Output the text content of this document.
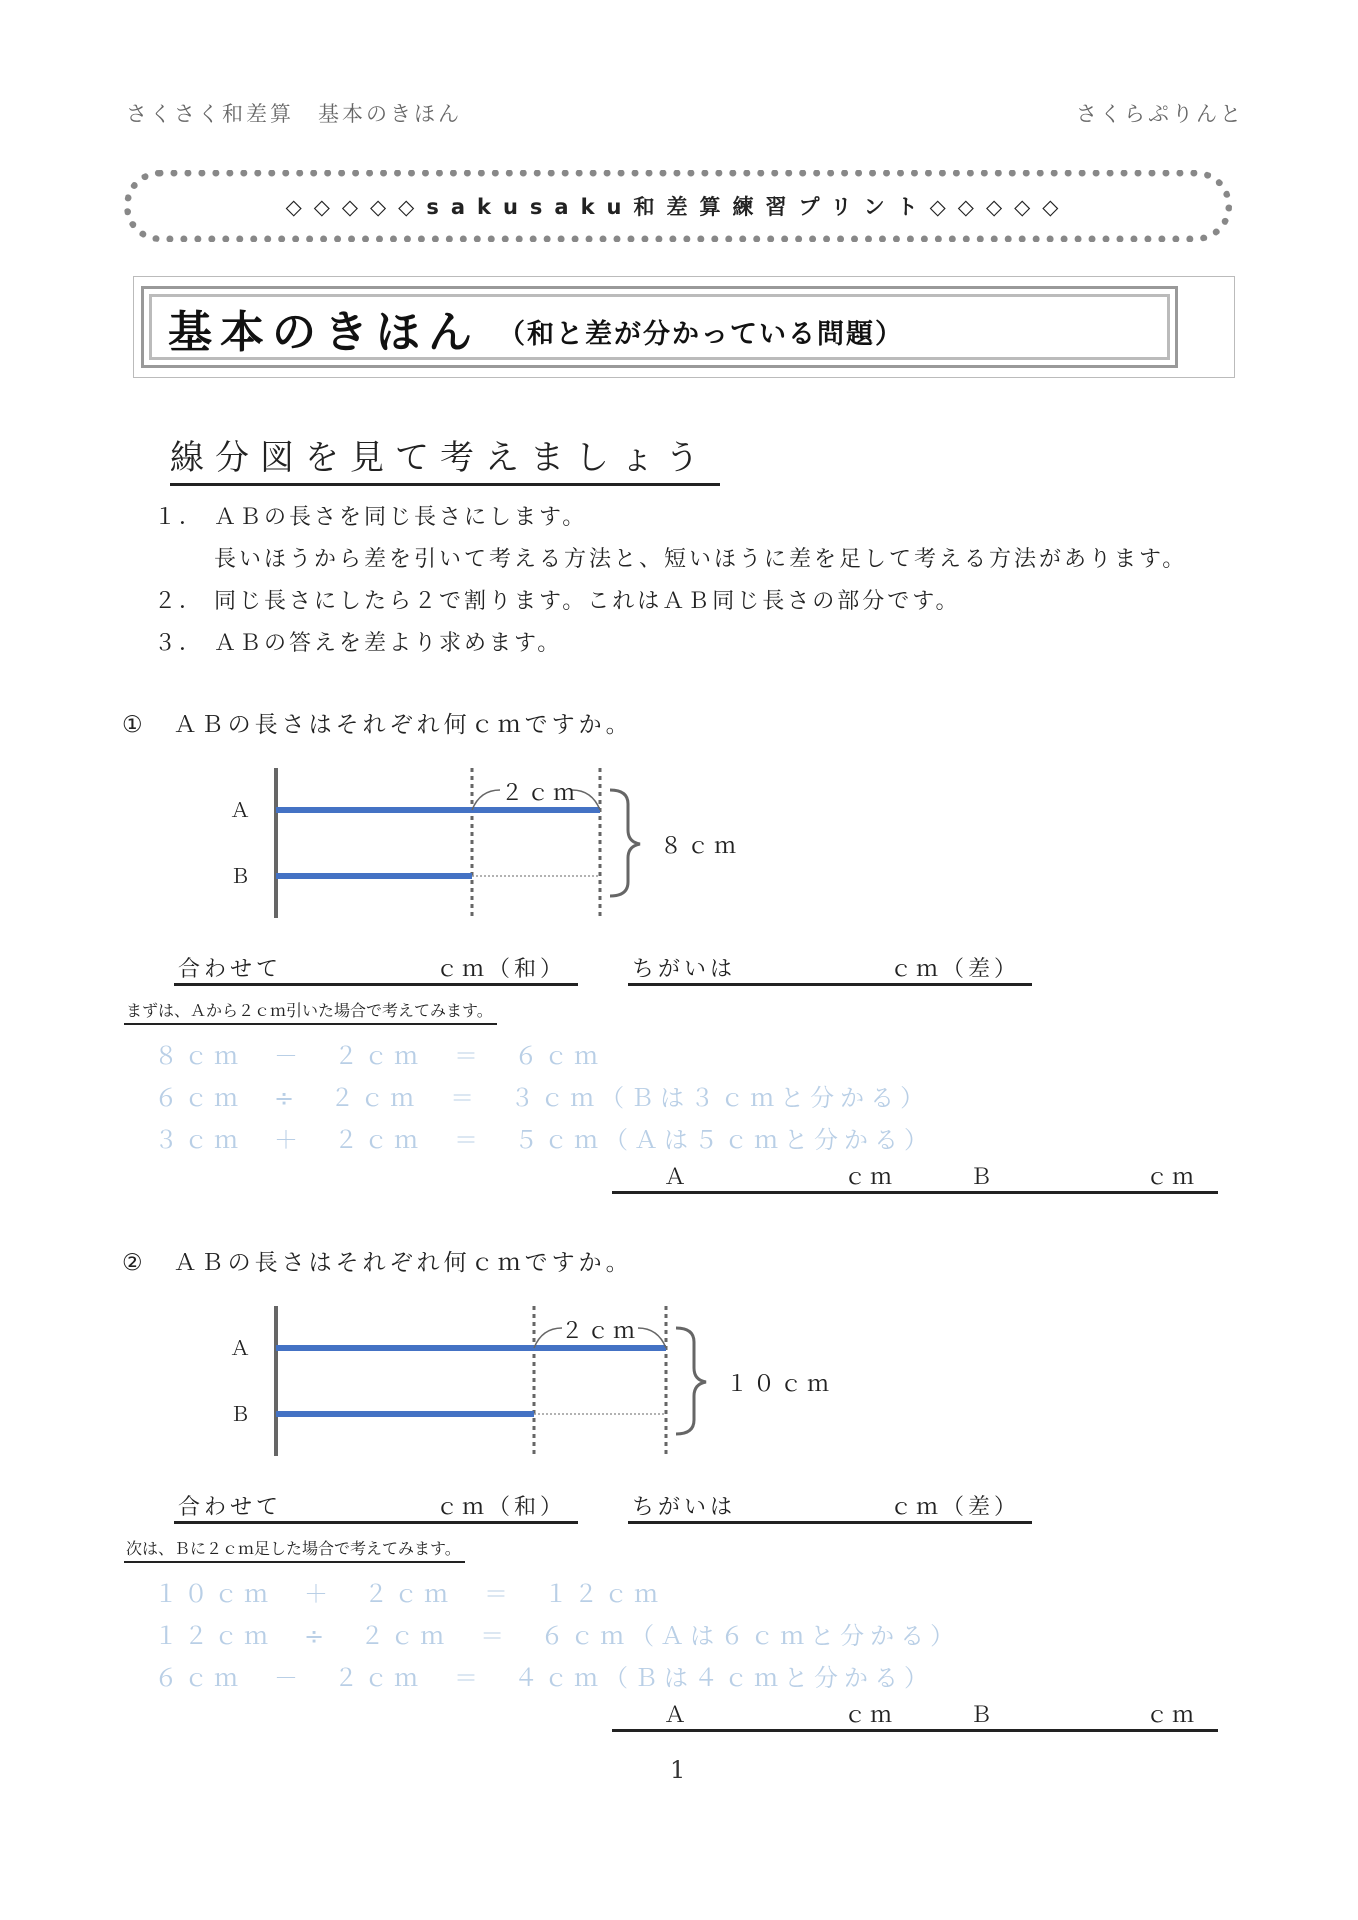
さくさく和差算　基本のきほん	さくらぷりんと
◇◇◇◇◇sakusaku和差算練習プリント◇◇◇◇◇
基本のきほん （和と差が分かっている問題）
線分図を見て考えましょう
１． ＡＢの長さを同じ長さにします。
長いほうから差を引いて考える方法と、短いほうに差を足して考える方法があります。
２． 同じ長さにしたら２で割ります。これはＡＢ同じ長さの部分です。
３． ＡＢの答えを差より求めます。
①　ＡＢの長さはそれぞれ何ｃｍですか。
２ｃｍ
８ｃｍ
Ａ
Ｂ
合わせて	ｃｍ（和）	ちがいは	ｃｍ（差）
まずは、Ａから２ｃｍ引いた場合で考えてみます。
８ｃｍ　－　２ｃｍ　＝　６ｃｍ
６ｃｍ　÷　２ｃｍ　＝　３ｃｍ（Ｂは３ｃｍと分かる）
３ｃｍ　＋　２ｃｍ　＝　５ｃｍ（Ａは５ｃｍと分かる）
Ａ	ｃｍ	Ｂ	ｃｍ
②　ＡＢの長さはそれぞれ何ｃｍですか。
２ｃｍ
１０ｃｍ
Ａ
Ｂ
合わせて	ｃｍ（和）	ちがいは	ｃｍ（差）
次は、Ｂに２ｃｍ足した場合で考えてみます。
１０ｃｍ　＋　２ｃｍ　＝　１２ｃｍ
１２ｃｍ　÷　２ｃｍ　＝　６ｃｍ（Ａは６ｃｍと分かる）
６ｃｍ　－　２ｃｍ　＝　４ｃｍ（Ｂは４ｃｍと分かる）
Ａ	ｃｍ	Ｂ	ｃｍ
1
